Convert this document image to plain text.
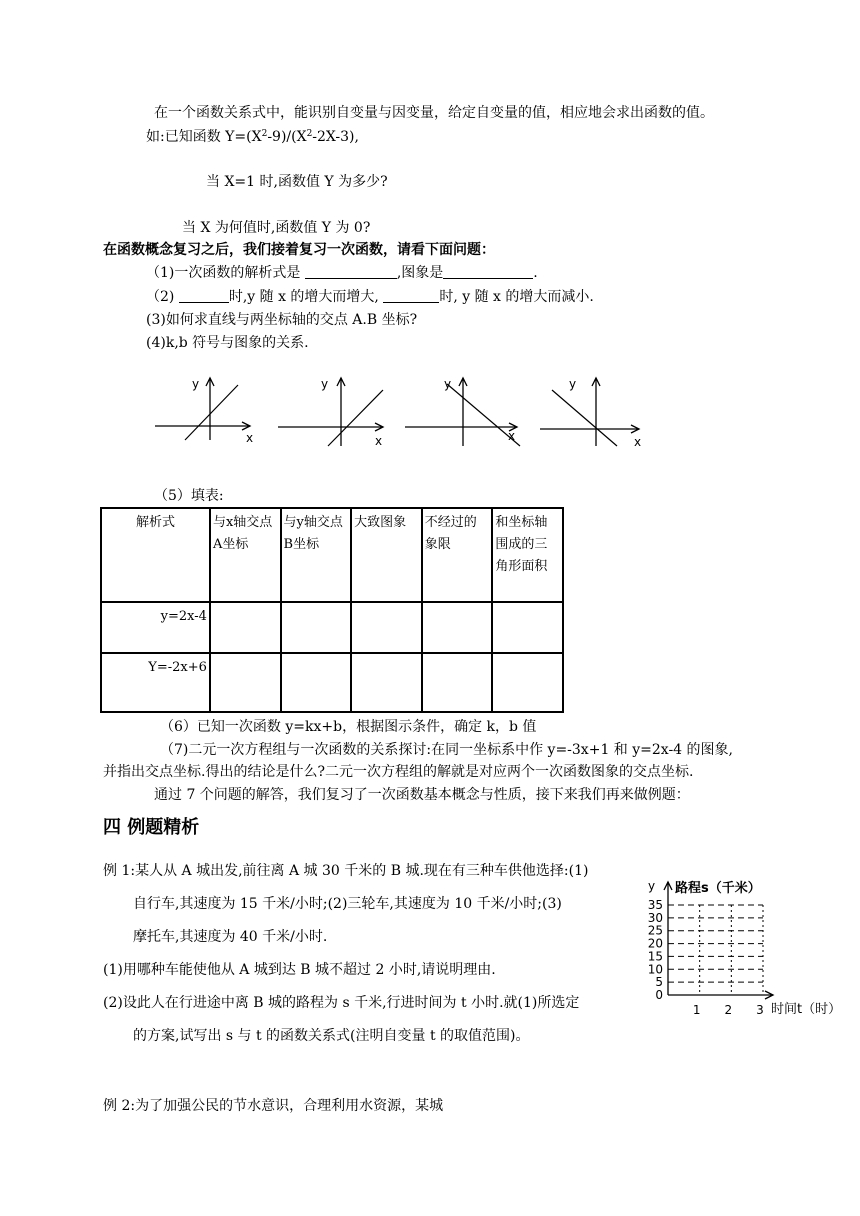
在一个函数关系式中，能识别自变量与因变量，给定自变量的值，相应地会求出函数的值。
如:已知函数 $Y=(X^2-9)/(X^2-2X-3)$,
当 X=1 时,函数值 Y 为多少?
当 X 为何值时,函数值 Y 为 0?
在函数概念复习之后，我们接着复习一次函数，请看下面问题：
（1)一次函数的解析式是	,图象是	.
（2)	时,y 随 x 的增大而增大,	时, y 随 x 的增大而减小.
(3)如何求直线与两坐标轴的交点 A.B 坐标?
(4)k,b 符号与图象的关系.
y
x
y
x
y
x
y
x
（5）填表:
解析式	与x轴交点A坐标	与y轴交点B坐标	大致图象	不经过的象限	和坐标轴围成的三角形面积
y=2x-4					
Y=-2x+6					
（6）已知一次函数 y=kx+b，根据图示条件，确定 k，b 值
（7)二元一次方程组与一次函数的关系探讨:在同一坐标系中作 y=-3x+1 和 y=2x-4 的图象,
并指出交点坐标.得出的结论是什么?二元一次方程组的解就是对应两个一次函数图象的交点坐标.
通过 7 个问题的解答，我们复习了一次函数基本概念与性质，接下来我们再来做例题：
四 例题精析
例 1:某人从 A 城出发,前往离 A 城 30 千米的 B 城.现在有三种车供他选择:(1)
自行车,其速度为 15 千米/小时;(2)三轮车,其速度为 10 千米/小时;(3)
摩托车,其速度为 40 千米/小时.
(1)用哪种车能使他从 A 城到达 B 城不超过 2 小时,请说明理由.
(2)设此人在行进途中离 B 城的路程为 s 千米,行进时间为 t 小时.就(1)所选定
的方案,试写出 s 与 t 的函数关系式(注明自变量 t 的取值范围)。
例 2:为了加强公民的节水意识，合理利用水资源，某城
y 路程s（千米）
时间t（时）
35
30
25
20
15
10
5
0
1 2 3
